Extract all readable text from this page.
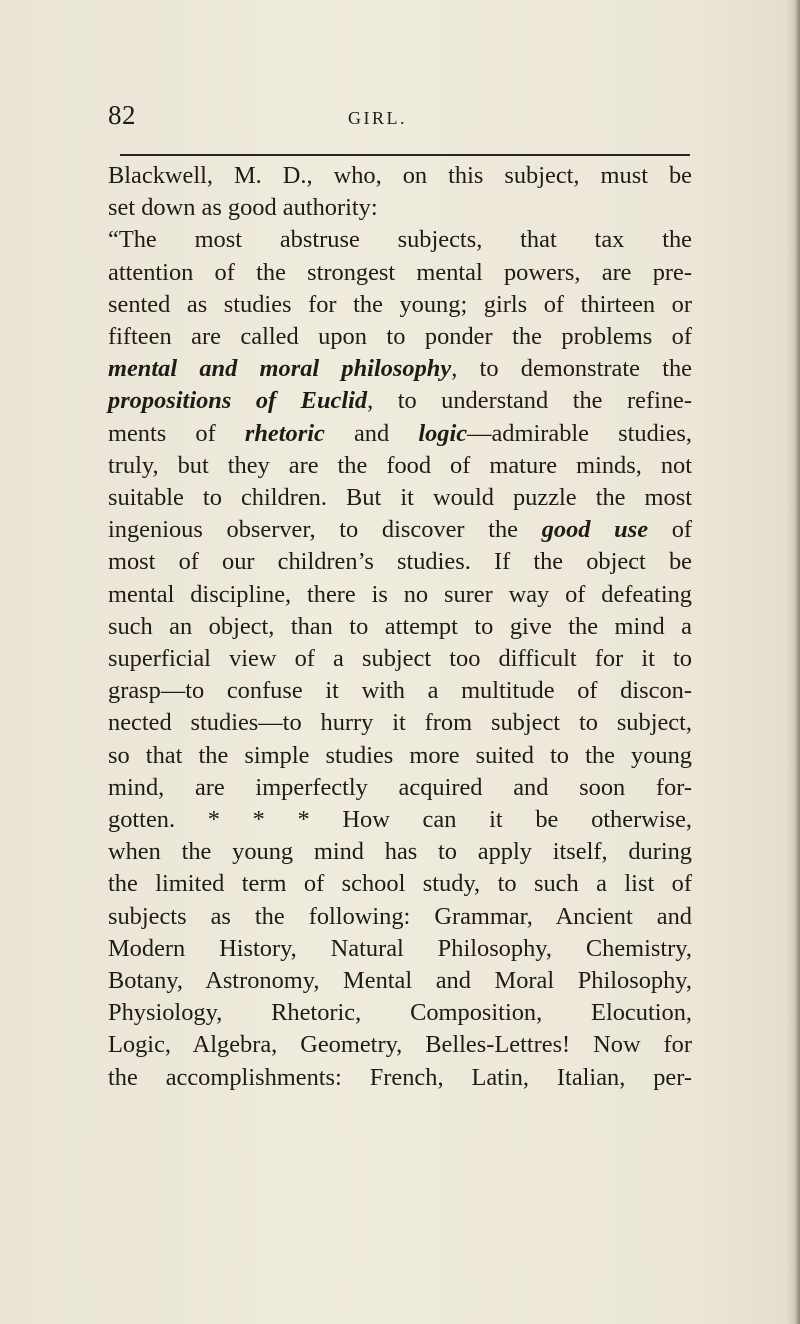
82	GIRL.
Blackwell, M. D., who, on this subject, must be
set down as good authority:
“The most abstruse subjects, that tax the
attention of the strongest mental powers, are pre-
sented as studies for the young; girls of thirteen or
fifteen are called upon to ponder the problems of
mental and moral philosophy, to demonstrate the
propositions of Euclid, to understand the refine-
ments of rhetoric and logic—admirable studies,
truly, but they are the food of mature minds, not
suitable to children. But it would puzzle the most
ingenious observer, to discover the good use of
most of our children’s studies. If the object be
mental discipline, there is no surer way of defeating
such an object, than to attempt to give the mind a
superficial view of a subject too difficult for it to
grasp—to confuse it with a multitude of discon-
nected studies—to hurry it from subject to subject,
so that the simple studies more suited to the young
mind, are imperfectly acquired and soon for-
gotten. * * * How can it be otherwise,
when the young mind has to apply itself, during
the limited term of school study, to such a list of
subjects as the following: Grammar, Ancient and
Modern History, Natural Philosophy, Chemistry,
Botany, Astronomy, Mental and Moral Philosophy,
Physiology, Rhetoric, Composition, Elocution,
Logic, Algebra, Geometry, Belles-Lettres! Now for
the accomplishments: French, Latin, Italian, per-
